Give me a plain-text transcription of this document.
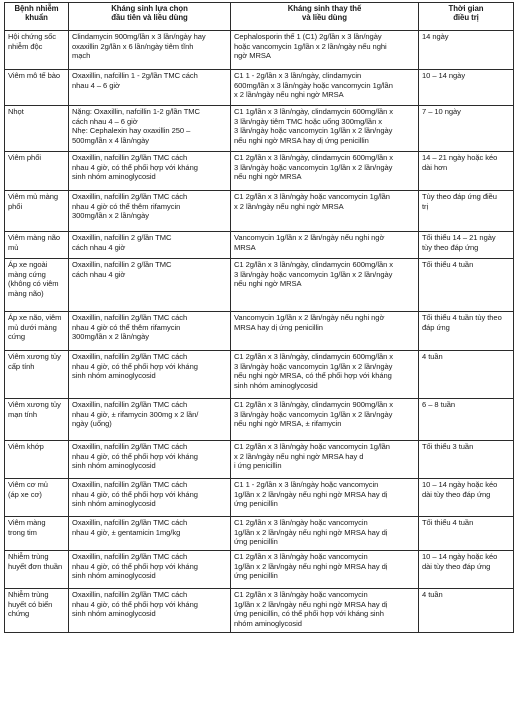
Bệnh nhiễm
khuẩn	Kháng sinh lựa chọn
đầu tiên và liều dùng	Kháng sinh thay thế
và liều dùng	Thời gian
điều trị
Hội chứng sốc
nhiễm độc	Clindamycin 900mg/lần x 3 lần/ngày hay
oxaxillin 2g/lần x 6 lần/ngày tiêm tĩnh
mạch	Cephalosporin thế 1 (C1) 2g/lần x 3 lần/ngày
hoặc vancomycin 1g/lần x 2 lần/ngày nếu nghi
ngờ MRSA	14 ngày
Viêm mô tế bào	Oxaxillin, nafcillin 1 - 2g/lần TMC cách
nhau 4 – 6 giờ	C1 1 - 2g/lần x 3 lần/ngày, clindamycin
600mg/lần x 3 lần/ngày hoặc vancomycin 1g/lần
x 2 lần/ngày nếu nghi ngờ MRSA	10 – 14 ngày
Nhọt	Nặng: Oxaxillin, nafcillin 1-2 g/lần TMC
cách nhau 4 – 6 giờ
Nhẹ: Cephalexin hay oxaxillin 250 –
500mg/lần x 4 lần/ngày	C1 1g/lần x 3 lần/ngày, clindamycin 600mg/lần x
3 lần/ngày tiêm TMC hoặc uống 300mg/lần x
3 lần/ngày hoặc vancomycin 1g/lần x 2 lần/ngày
nếu nghi ngờ MRSA hay dị ứng penicillin	7 – 10 ngày
Viêm phổi	Oxaxillin, nafcillin 2g/lần TMC cách
nhau 4 giờ, có thể phối hợp với kháng
sinh nhóm aminoglycosid	C1 2g/lần x 3 lần/ngày, clindamycin 600mg/lần x
3 lần/ngày hoặc vancomycin 1g/lần x 2 lần/ngày
nếu nghi ngờ MRSA	14 – 21 ngày hoặc kéo
dài hơn
Viêm mủ màng
phổi	Oxaxillin, nafcillin 2g/lần TMC cách
nhau 4 giờ có thể thêm rifamycin
300mg/lần x 2 lần/ngày	C1 2g/lần x 3 lần/ngày hoặc vancomycin 1g/lần
x 2 lần/ngày nếu nghi ngờ MRSA	Tùy theo đáp ứng điều
trị
Viêm màng não
mủ	Oxaxillin, nafcillin 2 g/lần TMC
cách nhau 4 giờ	Vancomycin 1g/lần x 2 lần/ngày nếu nghi ngờ
MRSA	Tối thiểu 14 – 21 ngày
tùy theo đáp ứng
Áp xe ngoài
màng cứng
(không có viêm
màng não)	Oxaxillin, nafcillin 2 g/lần TMC
cách nhau 4 giờ	C1 2g/lần x 3 lần/ngày, clindamycin 600mg/lần x
3 lần/ngày hoặc vancomycin 1g/lần x 2 lần/ngày
nếu nghi ngờ MRSA	Tối thiểu 4 tuần
Áp xe não, viêm
mủ dưới màng
cứng	Oxaxillin, nafcillin 2g/lần TMC cách
nhau 4 giờ có thể thêm rifamycin
300mg/lần x 2 lần/ngày	Vancomycin 1g/lần x 2 lần/ngày nếu nghi ngờ
MRSA hay dị ứng penicillin	Tối thiểu 4 tuần tùy theo
đáp ứng
Viêm xương tủy
cấp tính	Oxaxillin, nafcillin 2g/lần TMC cách
nhau 4 giờ, có thể phối hợp với kháng
sinh nhóm aminoglycosid	C1 2g/lần x 3 lần/ngày, clindamycin 600mg/lần x
3 lần/ngày hoặc vancomycin 1g/lần x 2 lần/ngày
nếu nghi ngờ MRSA, có thể phối hợp với kháng
sinh nhóm aminoglycosid	4 tuần
Viêm xương tủy
mạn tính	Oxaxillin, nafcillin 2g/lần TMC cách
nhau 4 giờ, ± rifamycin 300mg x 2 lần/
ngày (uống)	C1 2g/lần x 3 lần/ngày, clindamycin 900mg/lần x
3 lần/ngày hoặc vancomycin 1g/lần x 2 lần/ngày
nếu nghi ngờ MRSA, ± rifamycin	6 – 8 tuần
Viêm khớp	Oxaxillin, nafcillin 2g/lần TMC cách
nhau 4 giờ, có thể phối hợp với kháng
sinh nhóm aminoglycosid	C1 2g/lần x 3 lần/ngày hoặc vancomycin 1g/lần
x 2 lần/ngày nếu nghi ngờ MRSA hay d
i ứng penicillin	Tối thiểu 3 tuần
Viêm cơ mủ
(áp xe cơ)	Oxaxillin, nafcillin 2g/lần TMC cách
nhau 4 giờ, có thể phối hợp với kháng
sinh nhóm aminoglycosid	C1 1 - 2g/lần x 3 lần/ngày hoặc vancomycin
1g/lần x 2 lần/ngày nếu nghi ngờ MRSA hay dị
ứng penicillin	10 – 14 ngày hoặc kéo
dài tùy theo đáp ứng
Viêm màng
trong tim	Oxaxillin, nafcillin 2g/lần TMC cách
nhau 4 giờ, ± gentamicin 1mg/kg	C1 2g/lần x 3 lần/ngày hoặc vancomycin
1g/lần x 2 lần/ngày nếu nghi ngờ MRSA hay dị
ứng penicillin	Tối thiểu 4 tuần
Nhiễm trùng
huyết đơn thuần	Oxaxillin, nafcillin 2g/lần TMC cách
nhau 4 giờ, có thể phối hợp với kháng
sinh nhóm aminoglycosid	C1 2g/lần x 3 lần/ngày hoặc vancomycin
1g/lần x 2 lần/ngày nếu nghi ngờ MRSA hay dị
ứng penicillin	10 – 14 ngày hoặc kéo
dài tùy theo đáp ứng
Nhiễm trùng
huyết có biến
chứng	Oxaxillin, nafcillin 2g/lần TMC cách
nhau 4 giờ, có thể phối hợp với kháng
sinh nhóm aminoglycosid	C1 2g/lần x 3 lần/ngày hoặc vancomycin
1g/lần x 2 lần/ngày nếu nghi ngờ MRSA hay dị
ứng penicillin, có thể phối hợp với kháng sinh
nhóm aminoglycosid	4 tuần
